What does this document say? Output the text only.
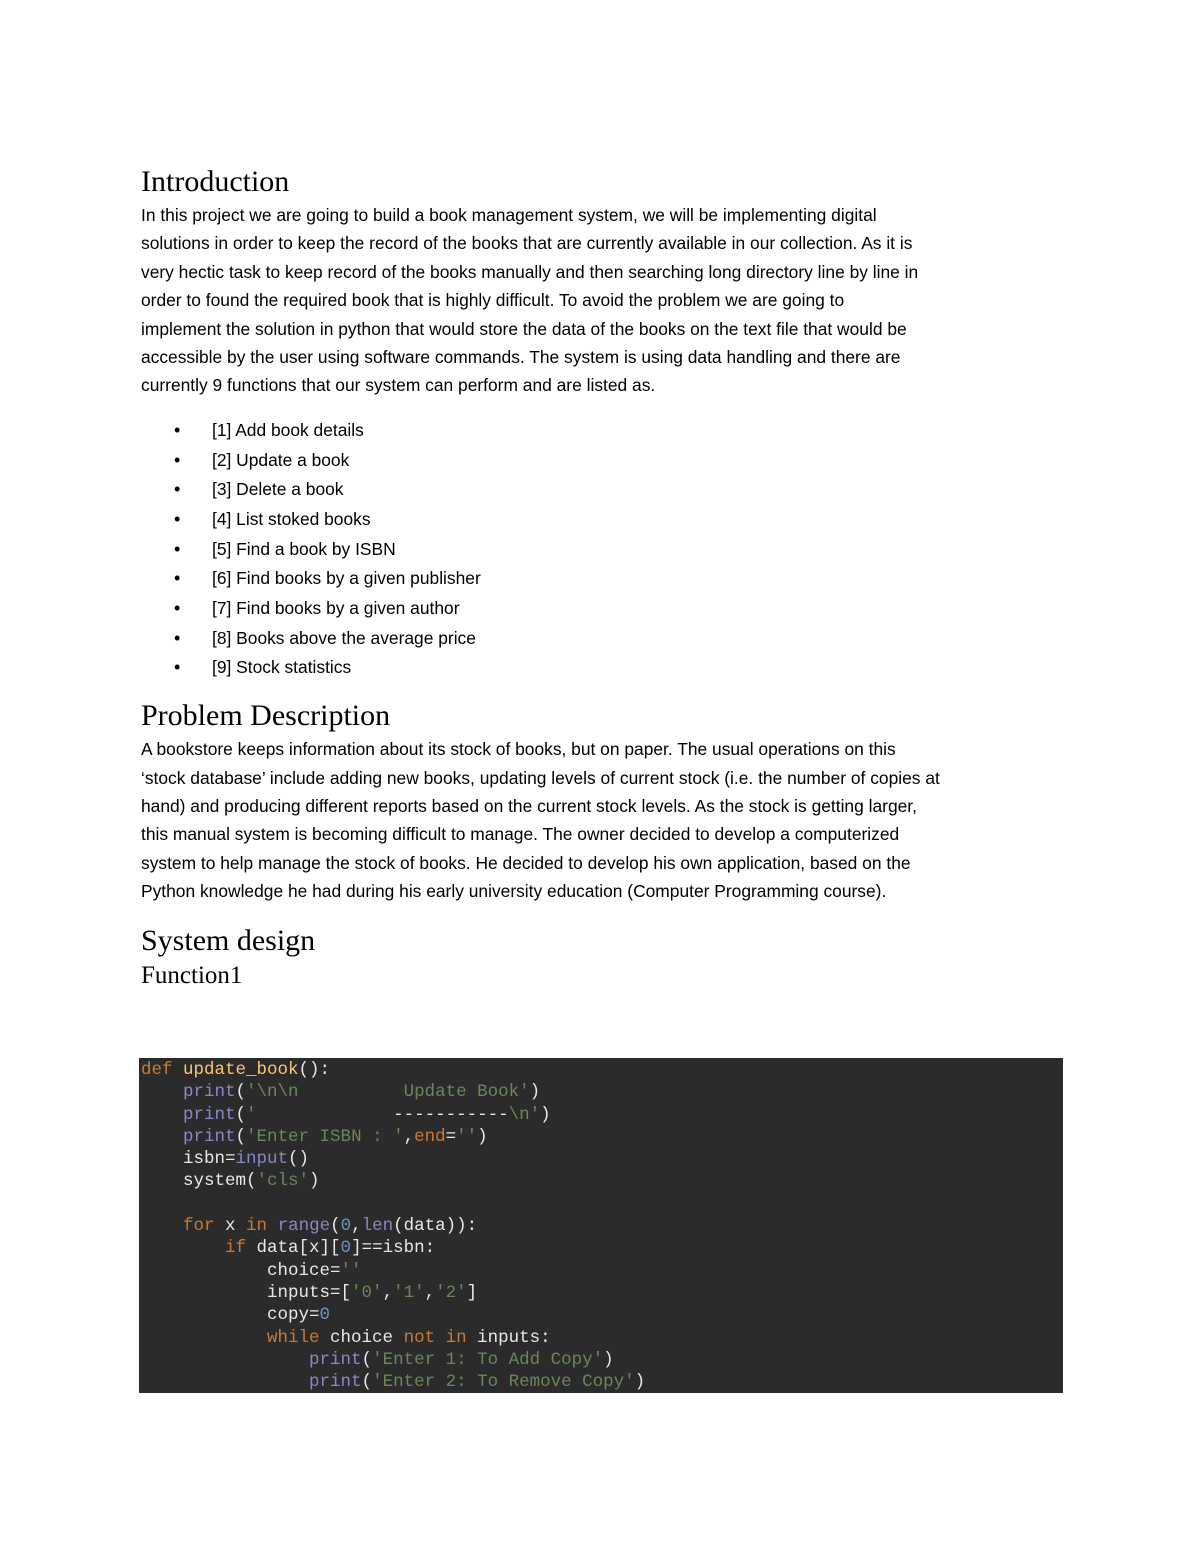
Introduction

In this project we are going to build a book management system, we will be implementing digital
solutions in order to keep the record of the books that are currently available in our collection. As it is
very hectic task to keep record of the books manually and then searching long directory line by line in
order to found the required book that is highly difficult. To avoid the problem we are going to
implement the solution in python that would store the data of the books on the text file that would be
accessible by the user using software commands. The system is using data handling and there are
currently 9 functions that our system can perform and are listed as.

• [1] Add book details
• [2] Update a book
• [3] Delete a book
• [4] List stoked books
• [5] Find a book by ISBN
• [6] Find books by a given publisher
• [7] Find books by a given author
• [8] Books above the average price
• [9] Stock statistics
Problem Description

A bookstore keeps information about its stock of books, but on paper. The usual operations on this
‘stock database’ include adding new books, updating levels of current stock (i.e. the number of copies at
hand) and producing different reports based on the current stock levels. As the stock is getting larger,
this manual system is becoming difficult to manage. The owner decided to develop a computerized
system to help manage the stock of books. He decided to develop his own application, based on the
Python knowledge he had during his early university education (Computer Programming course).

System design
Function1
def update_book():
print('\n\n          Update Book')
print('             -----------\n')
print('Enter ISBN : ',end='')
isbn=input()
system('cls')
for x in range(0,len(data)):
if data[x][0]==isbn:
choice=''
inputs=['0','1','2']
copy=0
while choice not in inputs:
print('Enter 1: To Add Copy')
print('Enter 2: To Remove Copy')
